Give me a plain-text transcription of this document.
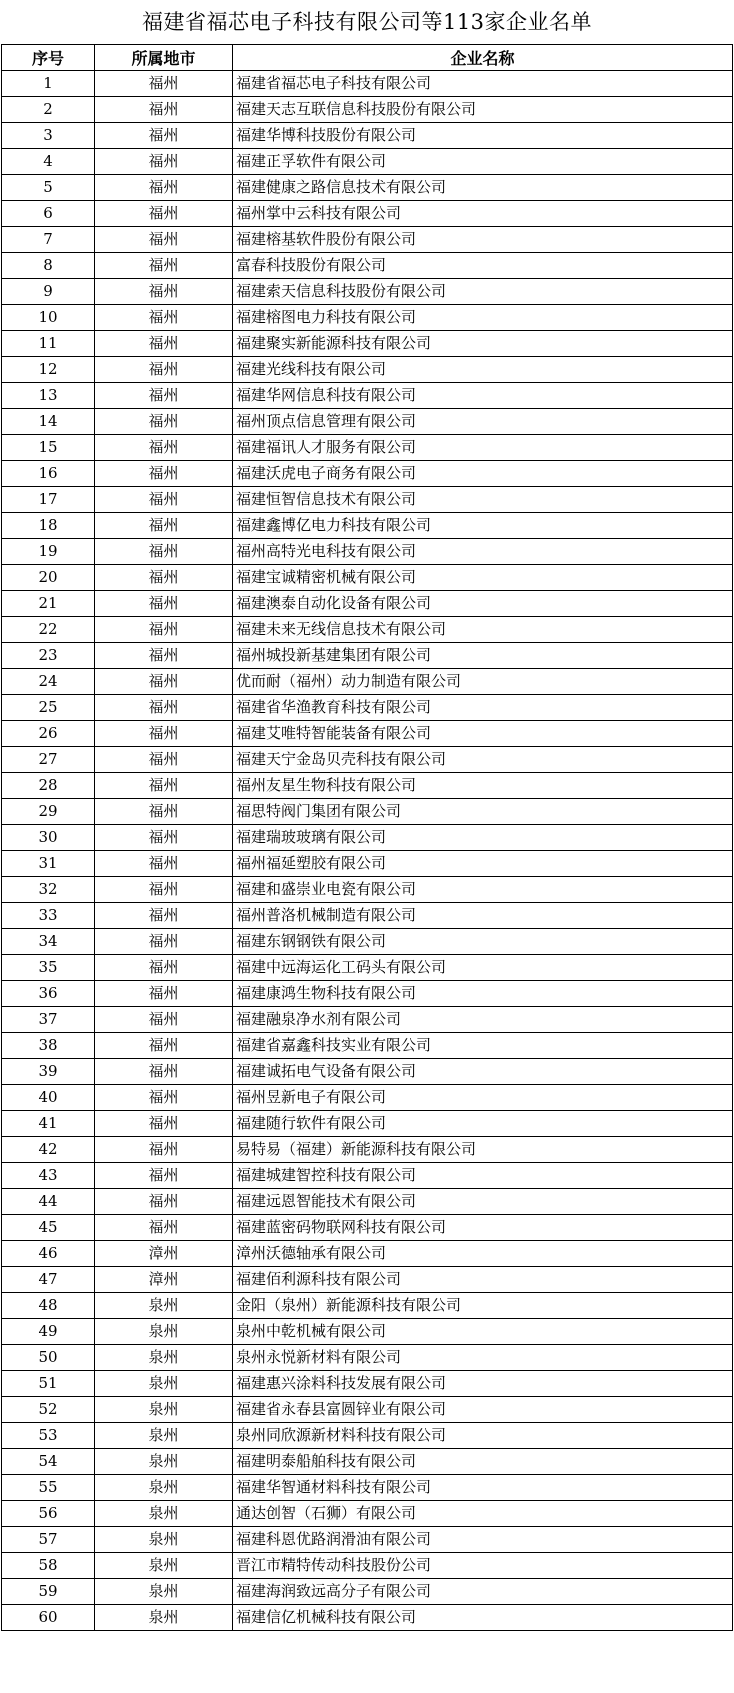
福建省福芯电子科技有限公司等113家企业名单
序号	所属地市	企业名称
1	福州	福建省福芯电子科技有限公司
2	福州	福建天志互联信息科技股份有限公司
3	福州	福建华博科技股份有限公司
4	福州	福建正孚软件有限公司
5	福州	福建健康之路信息技术有限公司
6	福州	福州掌中云科技有限公司
7	福州	福建榕基软件股份有限公司
8	福州	富春科技股份有限公司
9	福州	福建索天信息科技股份有限公司
10	福州	福建榕图电力科技有限公司
11	福州	福建聚实新能源科技有限公司
12	福州	福建光线科技有限公司
13	福州	福建华网信息科技有限公司
14	福州	福州顶点信息管理有限公司
15	福州	福建福讯人才服务有限公司
16	福州	福建沃虎电子商务有限公司
17	福州	福建恒智信息技术有限公司
18	福州	福建鑫博亿电力科技有限公司
19	福州	福州高特光电科技有限公司
20	福州	福建宝诚精密机械有限公司
21	福州	福建澳泰自动化设备有限公司
22	福州	福建未来无线信息技术有限公司
23	福州	福州城投新基建集团有限公司
24	福州	优而耐（福州）动力制造有限公司
25	福州	福建省华渔教育科技有限公司
26	福州	福建艾唯特智能装备有限公司
27	福州	福建天宁金岛贝壳科技有限公司
28	福州	福州友星生物科技有限公司
29	福州	福思特阀门集团有限公司
30	福州	福建瑞玻玻璃有限公司
31	福州	福州福延塑胶有限公司
32	福州	福建和盛崇业电瓷有限公司
33	福州	福州普洛机械制造有限公司
34	福州	福建东钢钢铁有限公司
35	福州	福建中远海运化工码头有限公司
36	福州	福建康鸿生物科技有限公司
37	福州	福建融泉净水剂有限公司
38	福州	福建省嘉鑫科技实业有限公司
39	福州	福建诚拓电气设备有限公司
40	福州	福州昱新电子有限公司
41	福州	福建随行软件有限公司
42	福州	易特易（福建）新能源科技有限公司
43	福州	福建城建智控科技有限公司
44	福州	福建远恩智能技术有限公司
45	福州	福建蓝密码物联网科技有限公司
46	漳州	漳州沃德轴承有限公司
47	漳州	福建佰利源科技有限公司
48	泉州	金阳（泉州）新能源科技有限公司
49	泉州	泉州中乾机械有限公司
50	泉州	泉州永悦新材料有限公司
51	泉州	福建惠兴涂料科技发展有限公司
52	泉州	福建省永春县富圆锌业有限公司
53	泉州	泉州同欣源新材料科技有限公司
54	泉州	福建明泰船舶科技有限公司
55	泉州	福建华智通材料科技有限公司
56	泉州	通达创智（石狮）有限公司
57	泉州	福建科恩优路润滑油有限公司
58	泉州	晋江市精特传动科技股份公司
59	泉州	福建海润致远高分子有限公司
60	泉州	福建信亿机械科技有限公司
